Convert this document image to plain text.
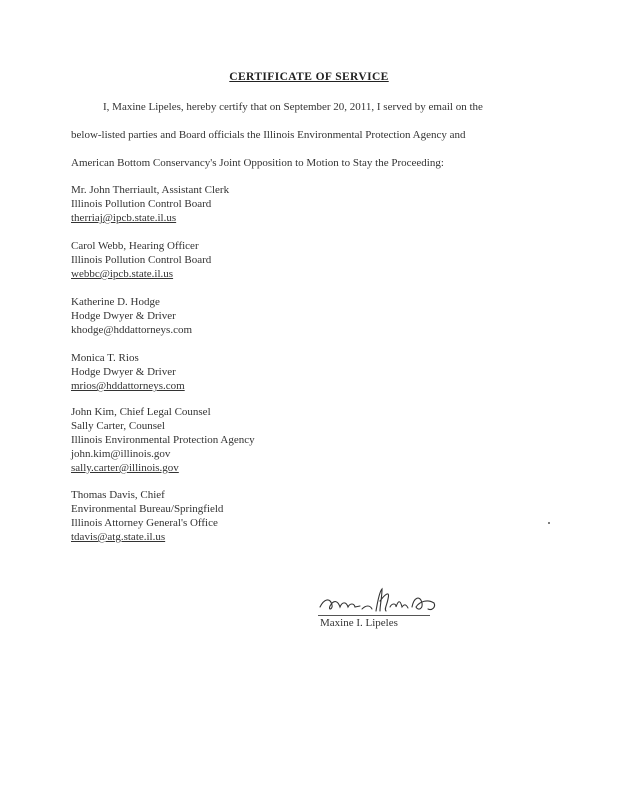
CERTIFICATE OF SERVICE
I, Maxine Lipeles, hereby certify that on September 20, 2011, I served by email on the
below-listed parties and Board officials the Illinois Environmental Protection Agency and
American Bottom Conservancy's Joint Opposition to Motion to Stay the Proceeding:
Mr. John Therriault, Assistant Clerk
Illinois Pollution Control Board
therriaj@ipcb.state.il.us
Carol Webb, Hearing Officer
Illinois Pollution Control Board
webbc@ipcb.state.il.us
Katherine D. Hodge
Hodge Dwyer & Driver
khodge@hddattorneys.com
Monica T. Rios
Hodge Dwyer & Driver
mrios@hddattorneys.com
John Kim, Chief Legal Counsel
Sally Carter, Counsel
Illinois Environmental Protection Agency
john.kim@illinois.gov
sally.carter@illinois.gov
Thomas Davis, Chief
Environmental Bureau/Springfield
Illinois Attorney General's Office
tdavis@atg.state.il.us
Maxine Lipeles
Maxine I. Lipeles
